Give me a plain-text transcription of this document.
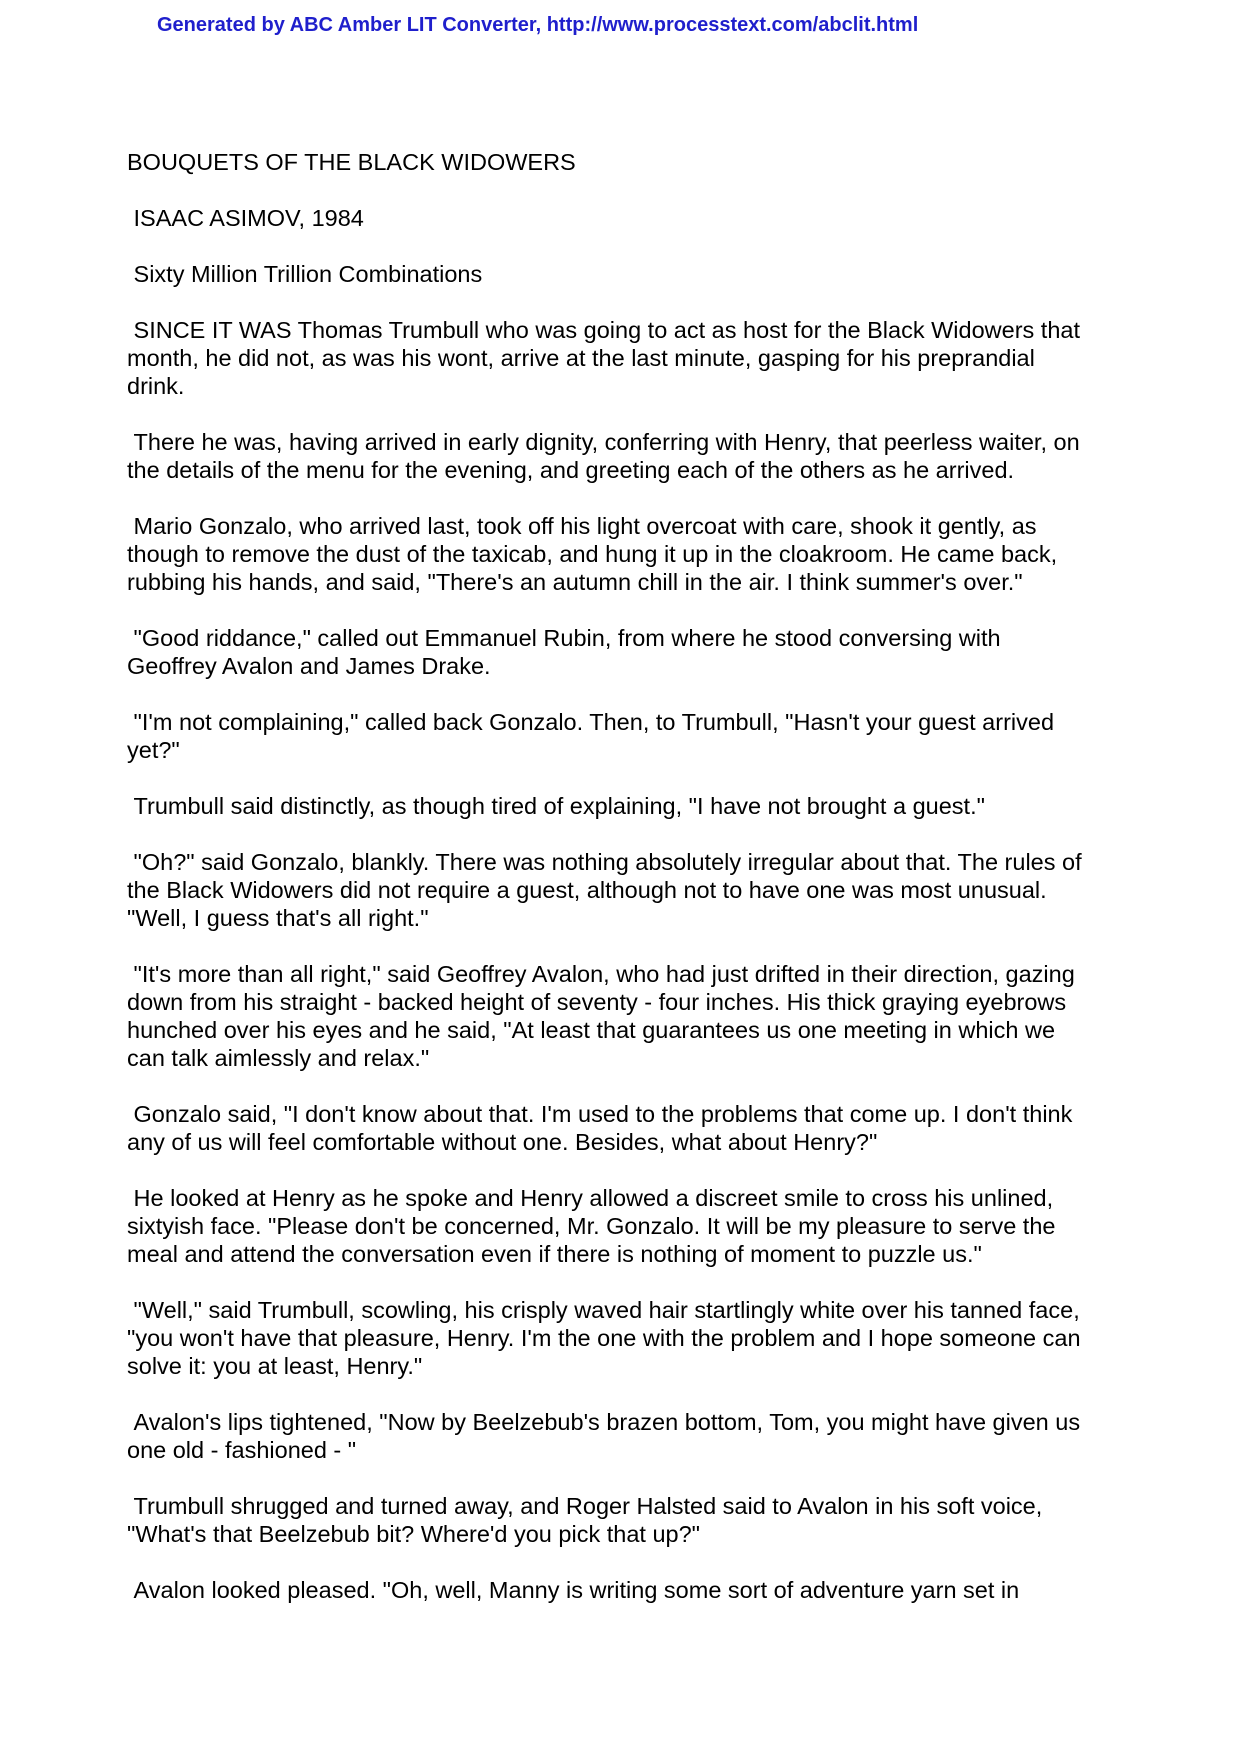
Generated by ABC Amber LIT Converter, http://www.processtext.com/abclit.html
BOUQUETS OF THE BLACK WIDOWERS
ISAAC ASIMOV, 1984
Sixty Million Trillion Combinations
SINCE IT WAS Thomas Trumbull who was going to act as host for the Black Widowers that
month, he did not, as was his wont, arrive at the last minute, gasping for his preprandial
drink.
There he was, having arrived in early dignity, conferring with Henry, that peerless waiter, on
the details of the menu for the evening, and greeting each of the others as he arrived.
Mario Gonzalo, who arrived last, took off his light overcoat with care, shook it gently, as
though to remove the dust of the taxicab, and hung it up in the cloakroom. He came back,
rubbing his hands, and said, "There's an autumn chill in the air. I think summer's over."
"Good riddance," called out Emmanuel Rubin, from where he stood conversing with
Geoffrey Avalon and James Drake.
"I'm not complaining," called back Gonzalo. Then, to Trumbull, "Hasn't your guest arrived
yet?"
Trumbull said distinctly, as though tired of explaining, "I have not brought a guest."
"Oh?" said Gonzalo, blankly. There was nothing absolutely irregular about that. The rules of
the Black Widowers did not require a guest, although not to have one was most unusual.
"Well, I guess that's all right."
"It's more than all right," said Geoffrey Avalon, who had just drifted in their direction, gazing
down from his straight - backed height of seventy - four inches. His thick graying eyebrows
hunched over his eyes and he said, "At least that guarantees us one meeting in which we
can talk aimlessly and relax."
Gonzalo said, "I don't know about that. I'm used to the problems that come up. I don't think
any of us will feel comfortable without one. Besides, what about Henry?"
He looked at Henry as he spoke and Henry allowed a discreet smile to cross his unlined,
sixtyish face. "Please don't be concerned, Mr. Gonzalo. It will be my pleasure to serve the
meal and attend the conversation even if there is nothing of moment to puzzle us."
"Well," said Trumbull, scowling, his crisply waved hair startlingly white over his tanned face,
"you won't have that pleasure, Henry. I'm the one with the problem and I hope someone can
solve it: you at least, Henry."
Avalon's lips tightened, "Now by Beelzebub's brazen bottom, Tom, you might have given us
one old - fashioned - "
Trumbull shrugged and turned away, and Roger Halsted said to Avalon in his soft voice,
"What's that Beelzebub bit? Where'd you pick that up?"
Avalon looked pleased. "Oh, well, Manny is writing some sort of adventure yarn set in
